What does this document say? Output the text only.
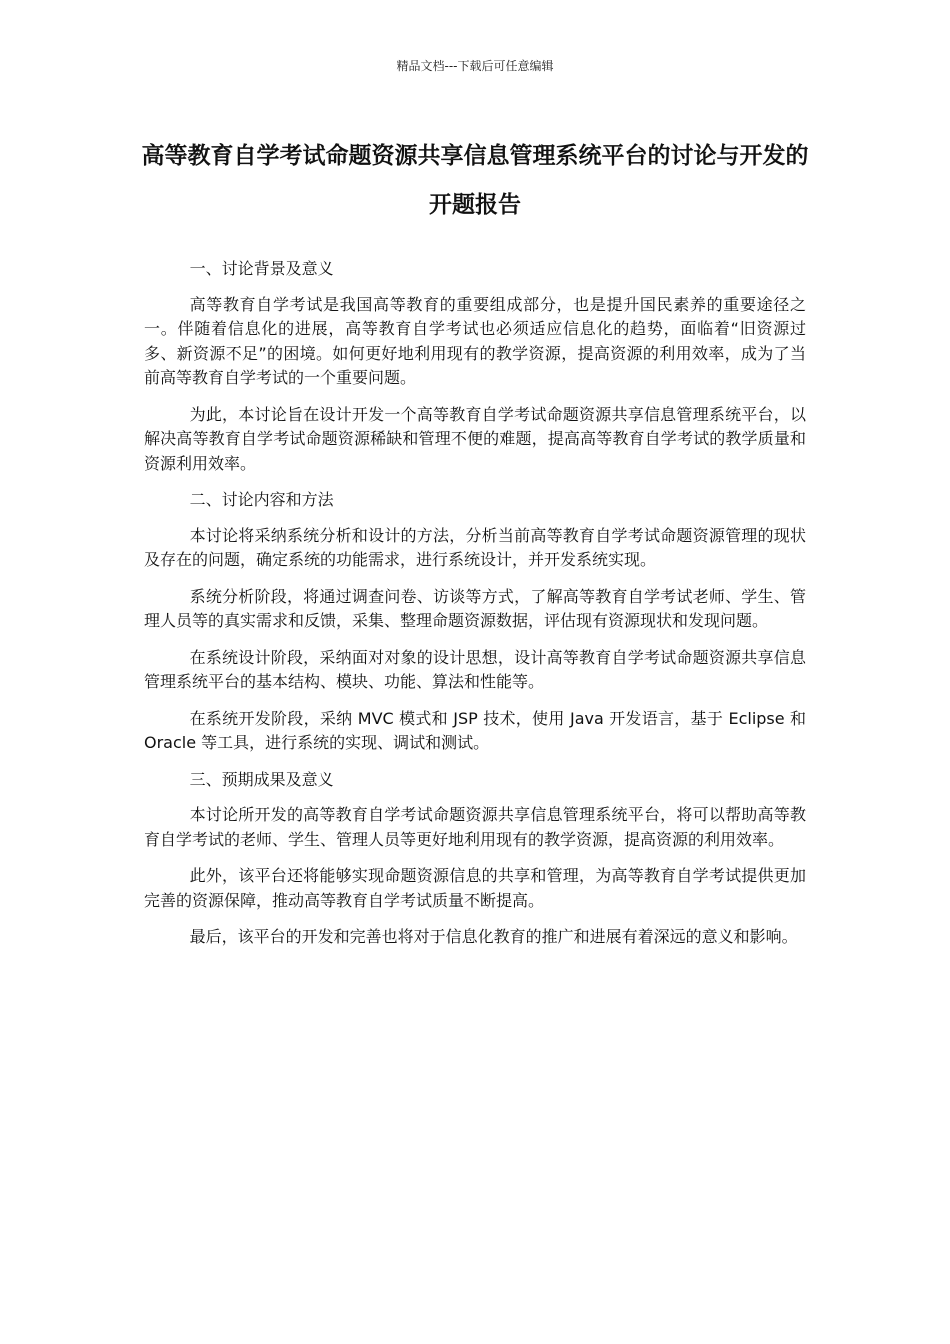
精品文档---下载后可任意编辑
高等教育自学考试命题资源共享信息管理系统平台的讨论与开发的开题报告

一、讨论背景及意义

高等教育自学考试是我国高等教育的重要组成部分，也是提升国民素养的重要途径之一。伴随着信息化的进展，高等教育自学考试也必须适应信息化的趋势，面临着“旧资源过多、新资源不足”的困境。如何更好地利用现有的教学资源，提高资源的利用效率，成为了当前高等教育自学考试的一个重要问题。

为此，本讨论旨在设计开发一个高等教育自学考试命题资源共享信息管理系统平台，以解决高等教育自学考试命题资源稀缺和管理不便的难题，提高高等教育自学考试的教学质量和资源利用效率。

二、讨论内容和方法

本讨论将采纳系统分析和设计的方法，分析当前高等教育自学考试命题资源管理的现状及存在的问题，确定系统的功能需求，进行系统设计，并开发系统实现。

系统分析阶段，将通过调查问卷、访谈等方式，了解高等教育自学考试老师、学生、管理人员等的真实需求和反馈，采集、整理命题资源数据，评估现有资源现状和发现问题。

在系统设计阶段，采纳面对对象的设计思想，设计高等教育自学考试命题资源共享信息管理系统平台的基本结构、模块、功能、算法和性能等。

在系统开发阶段，采纳 MVC 模式和 JSP 技术，使用 Java 开发语言，基于 Eclipse 和 Oracle 等工具，进行系统的实现、调试和测试。

三、预期成果及意义

本讨论所开发的高等教育自学考试命题资源共享信息管理系统平台，将可以帮助高等教育自学考试的老师、学生、管理人员等更好地利用现有的教学资源，提高资源的利用效率。

此外，该平台还将能够实现命题资源信息的共享和管理，为高等教育自学考试提供更加完善的资源保障，推动高等教育自学考试质量不断提高。

最后，该平台的开发和完善也将对于信息化教育的推广和进展有着深远的意义和影响。
